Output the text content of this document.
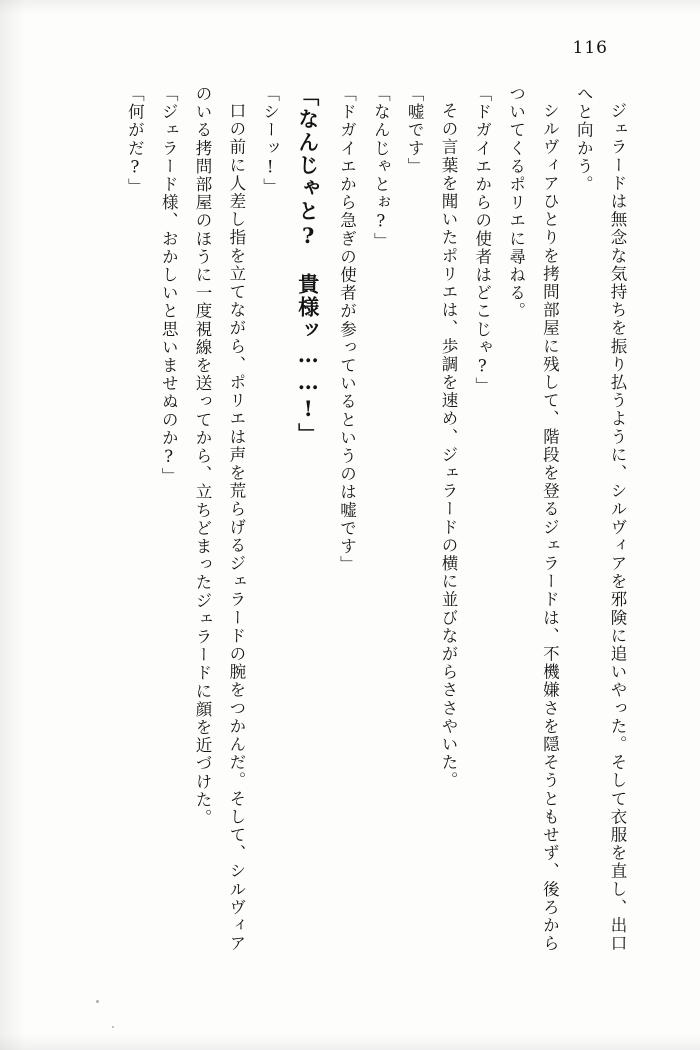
116

ジェラードは無念な気持ちを振り払うように、シルヴィアを邪険に追いやった。そして衣服を直し、出口へと向かう。

シルヴィアひとりを拷問部屋に残して、階段を登るジェラードは、不機嫌さを隠そうともせず、後ろからついてくるポリエに尋ねる。

「ドガイエからの使者はどこじゃ?」

その言葉を聞いたポリエは、歩調を速め、ジェラードの横に並びながらささやいた。

「嘘です」

「なんじゃとぉ?」

「ドガイエから急ぎの使者が参っているというのは嘘です」

「なんじゃと?　貴様ッ……!」

「シーッ!」

口の前に人差し指を立てながら、ポリエは声を荒らげるジェラードの腕をつかんだ。そして、シルヴィアのいる拷問部屋のほうに一度視線を送ってから、立ちどまったジェラードに顔を近づけた。

「ジェラード様、おかしいと思いませぬのか?」

「何がだ?」
